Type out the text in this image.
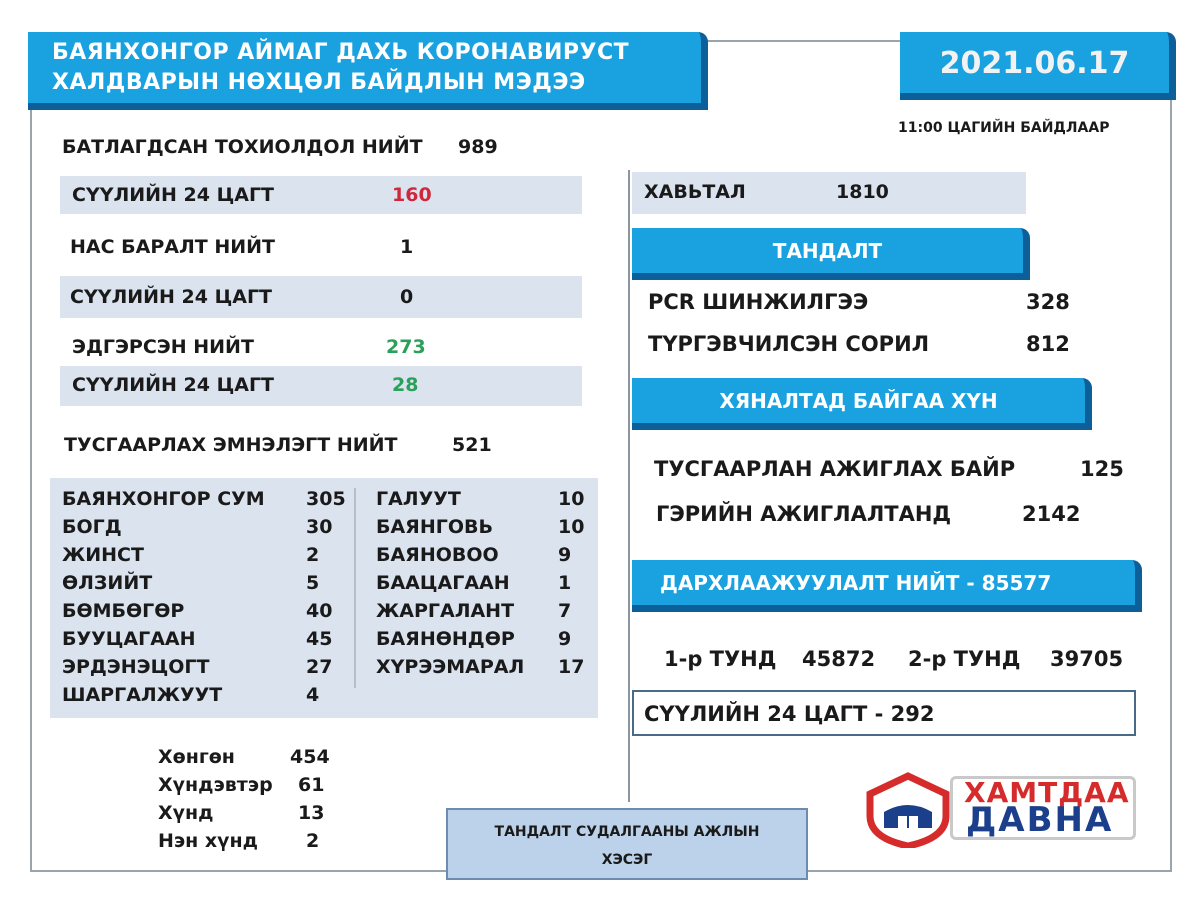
БАЯНХОНГОР АЙМАГ ДАХЬ КОРОНАВИРУСТ
ХАЛДВАРЫН НӨХЦӨЛ БАЙДЛЫН МЭДЭЭ
2021.06.17
11:00 ЦАГИЙН БАЙДЛААР
БАТЛАГДСАН ТОХИОЛДОЛ НИЙТ 989
СҮҮЛИЙН 24 ЦАГТ	160
НАС БАРАЛТ НИЙТ	1
СҮҮЛИЙН 24 ЦАГТ	0
ЭДГЭРСЭН НИЙТ	273
СҮҮЛИЙН 24 ЦАГТ	28
ТУСГААРЛАХ ЭМНЭЛЭГТ НИЙТ	521
БАЯНХОНГОР СУМ 305
БОГД	30
ЖИНСТ	2
ӨЛЗИЙТ	5
БӨМБӨГӨР	40
БУУЦАГААН	45
ЭРДЭНЭЦОГТ	27
ШАРГАЛЖУУТ	4
ГАЛУУТ	10
БАЯНГОВЬ	10
БАЯНОВОО	9
БААЦАГААН	1
ЖАРГАЛАНТ 7
БАЯНӨНДӨР 9
ХҮРЭЭМАРАЛ 17
Хөнгөн	454
Хүндэвтэр 61
Хүнд	13
Нэн хүнд	2
ХАВЬТАЛ	1810
ТАНДАЛТ
PCR ШИНЖИЛГЭЭ	328
ТҮРГЭВЧИЛСЭН СОРИЛ	812
ХЯНАЛТАД БАЙГАА ХҮН
ТУСГААРЛАН АЖИГЛАХ БАЙР	125
ГЭРИЙН АЖИГЛАЛТАНД	2142
ДАРХЛААЖУУЛАЛТ НИЙТ - 85577
1-р ТУНД 45872 2-р ТУНД 39705
СҮҮЛИЙН 24 ЦАГТ - 292
ТАНДАЛТ СУДАЛГААНЫ АЖЛЫН
ХЭСЭГ
ХАМТДАА
ДАВНА
